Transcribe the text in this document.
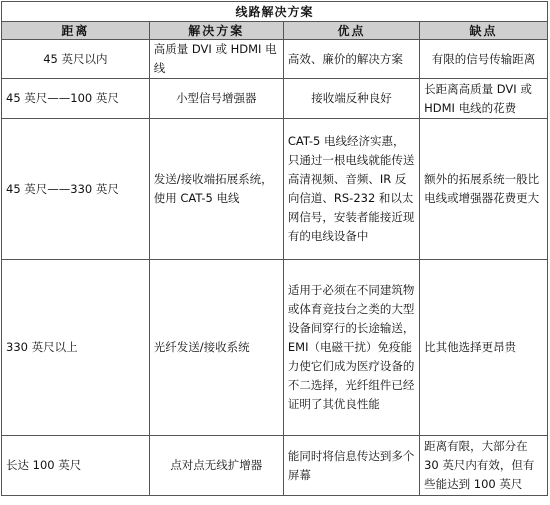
线路解决方案			
距离	解决方案	优点	缺点
45 英尺以内	高质量 DVI 或 HDMI 电线	高效、廉价的解决方案	有限的信号传输距离
45 英尺——100 英尺	小型信号增强器	接收端反种良好	长距离高质量 DVI 或 HDMI 电线的花费
45 英尺——330 英尺	发送/接收端拓展系统，使用 CAT-5 电线	CAT-5 电线经济实惠，只通过一根电线就能传送高清视频、音频、IR 反向信道、RS-232 和以太网信号，安装者能接近现有的电线设备中	额外的拓展系统一般比电线或增强器花费更大
330 英尺以上	光纤发送/接收系统	适用于必须在不同建筑物或体育竞技台之类的大型设备间穿行的长途输送，EMI（电磁干扰）免疫能力使它们成为医疗设备的不二选择，光纤组件已经证明了其优良性能	比其他选择更昂贵
长达 100 英尺	点对点无线扩增器	能同时将信息传达到多个屏幕	距离有限，大部分在 30 英尺内有效，但有些能达到 100 英尺
